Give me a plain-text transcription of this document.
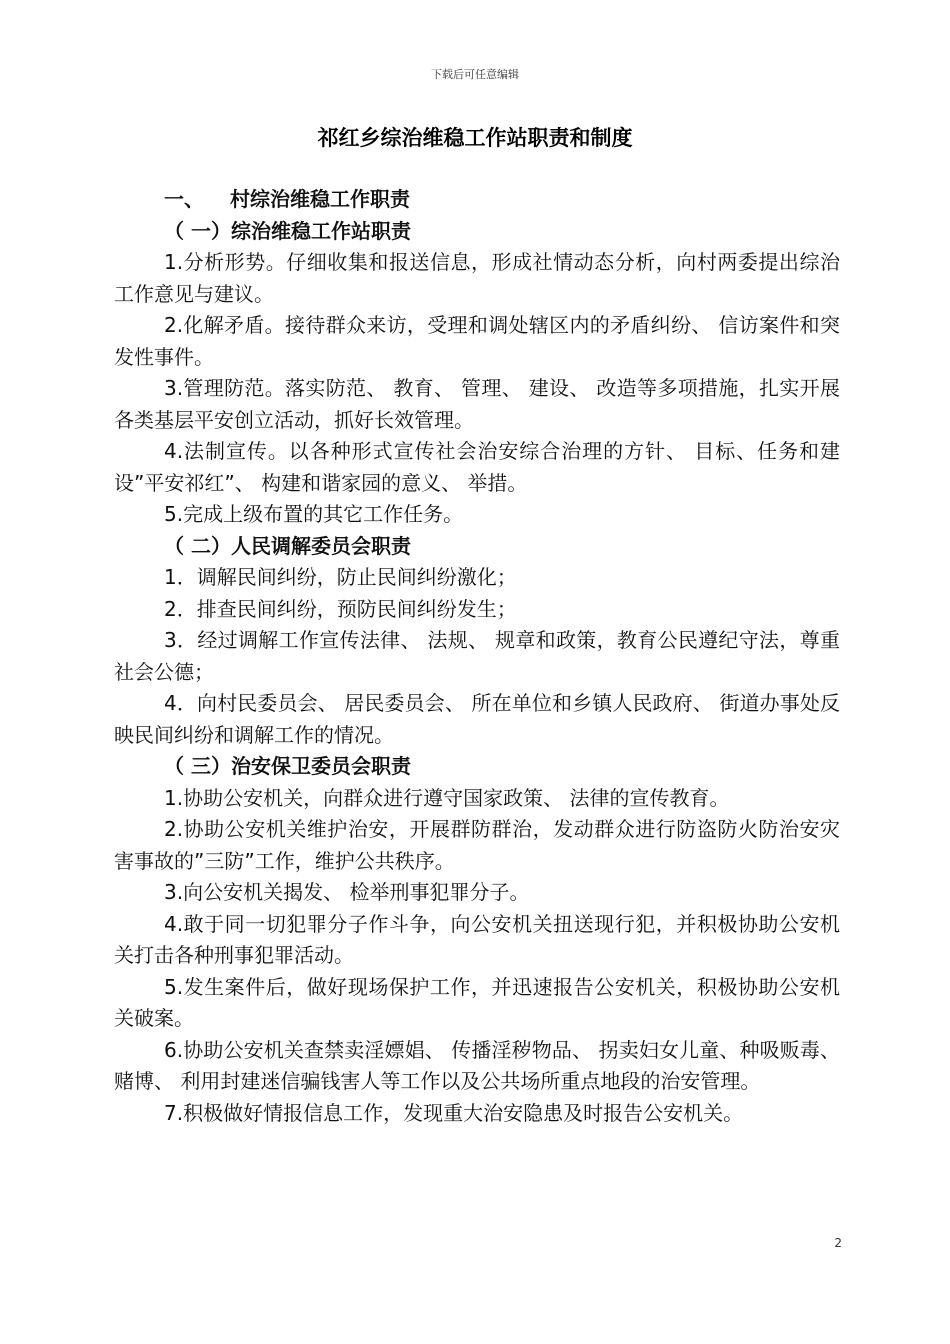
下载后可任意编辑
祁红乡综治维稳工作站职责和制度
一、 村综治维稳工作职责
（ 一）综治维稳工作站职责
1.分析形势。仔细收集和报送信息，形成社情动态分析，向村两委提出综治工作意见与建议。
2.化解矛盾。接待群众来访，受理和调处辖区内的矛盾纠纷、 信访案件和突发性事件。
3.管理防范。落实防范、 教育、 管理、 建设、 改造等多项措施，扎实开展各类基层平安创立活动，抓好长效管理。
4.法制宣传。以各种形式宣传社会治安综合治理的方针、 目标、任务和建设”平安祁红”、 构建和谐家园的意义、 举措。
5.完成上级布置的其它工作任务。
（ 二）人民调解委员会职责
1．调解民间纠纷，防止民间纠纷激化；
2．排查民间纠纷，预防民间纠纷发生；
3．经过调解工作宣传法律、 法规、 规章和政策，教育公民遵纪守法，尊重社会公德；
4．向村民委员会、 居民委员会、 所在单位和乡镇人民政府、 街道办事处反映民间纠纷和调解工作的情况。
（ 三）治安保卫委员会职责
1.协助公安机关，向群众进行遵守国家政策、 法律的宣传教育。
2.协助公安机关维护治安，开展群防群治，发动群众进行防盗防火防治安灾害事故的”三防”工作，维护公共秩序。
3.向公安机关揭发、 检举刑事犯罪分子。
4.敢于同一切犯罪分子作斗争，向公安机关扭送现行犯，并积极协助公安机关打击各种刑事犯罪活动。
5.发生案件后，做好现场保护工作，并迅速报告公安机关，积极协助公安机关破案。
6.协助公安机关查禁卖淫嫖娼、 传播淫秽物品、 拐卖妇女儿童、种吸贩毒、 赌博、 利用封建迷信骗钱害人等工作以及公共场所重点地段的治安管理。
7.积极做好情报信息工作，发现重大治安隐患及时报告公安机关。
2
